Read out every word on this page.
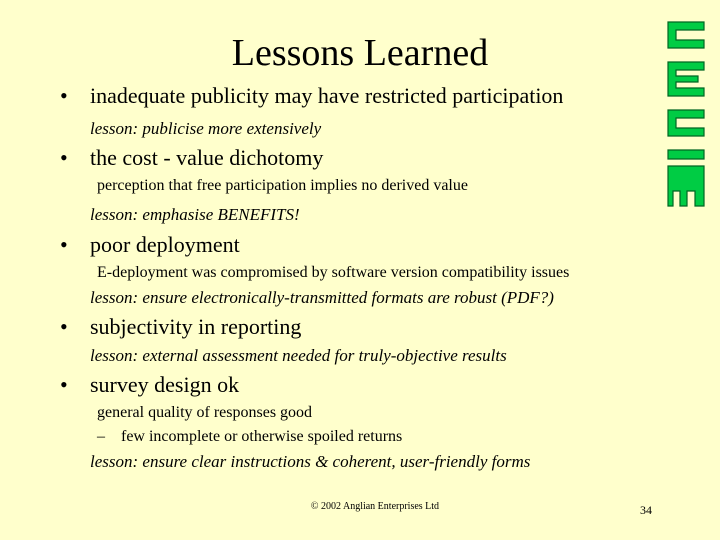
Lessons Learned
• inadequate publicity may have restricted participation
lesson: publicise more extensively
• the cost - value dichotomy
perception that free participation implies no derived value
lesson: emphasise BENEFITS!
• poor deployment
E-deployment was compromised by software version compatibility issues
lesson: ensure electronically-transmitted formats are robust (PDF?)
• subjectivity in reporting
lesson: external assessment needed for truly-objective results
• survey design ok
general quality of responses good
– few incomplete or otherwise spoiled returns
lesson: ensure clear instructions & coherent, user-friendly forms
© 2002 Anglian Enterprises Ltd	34
